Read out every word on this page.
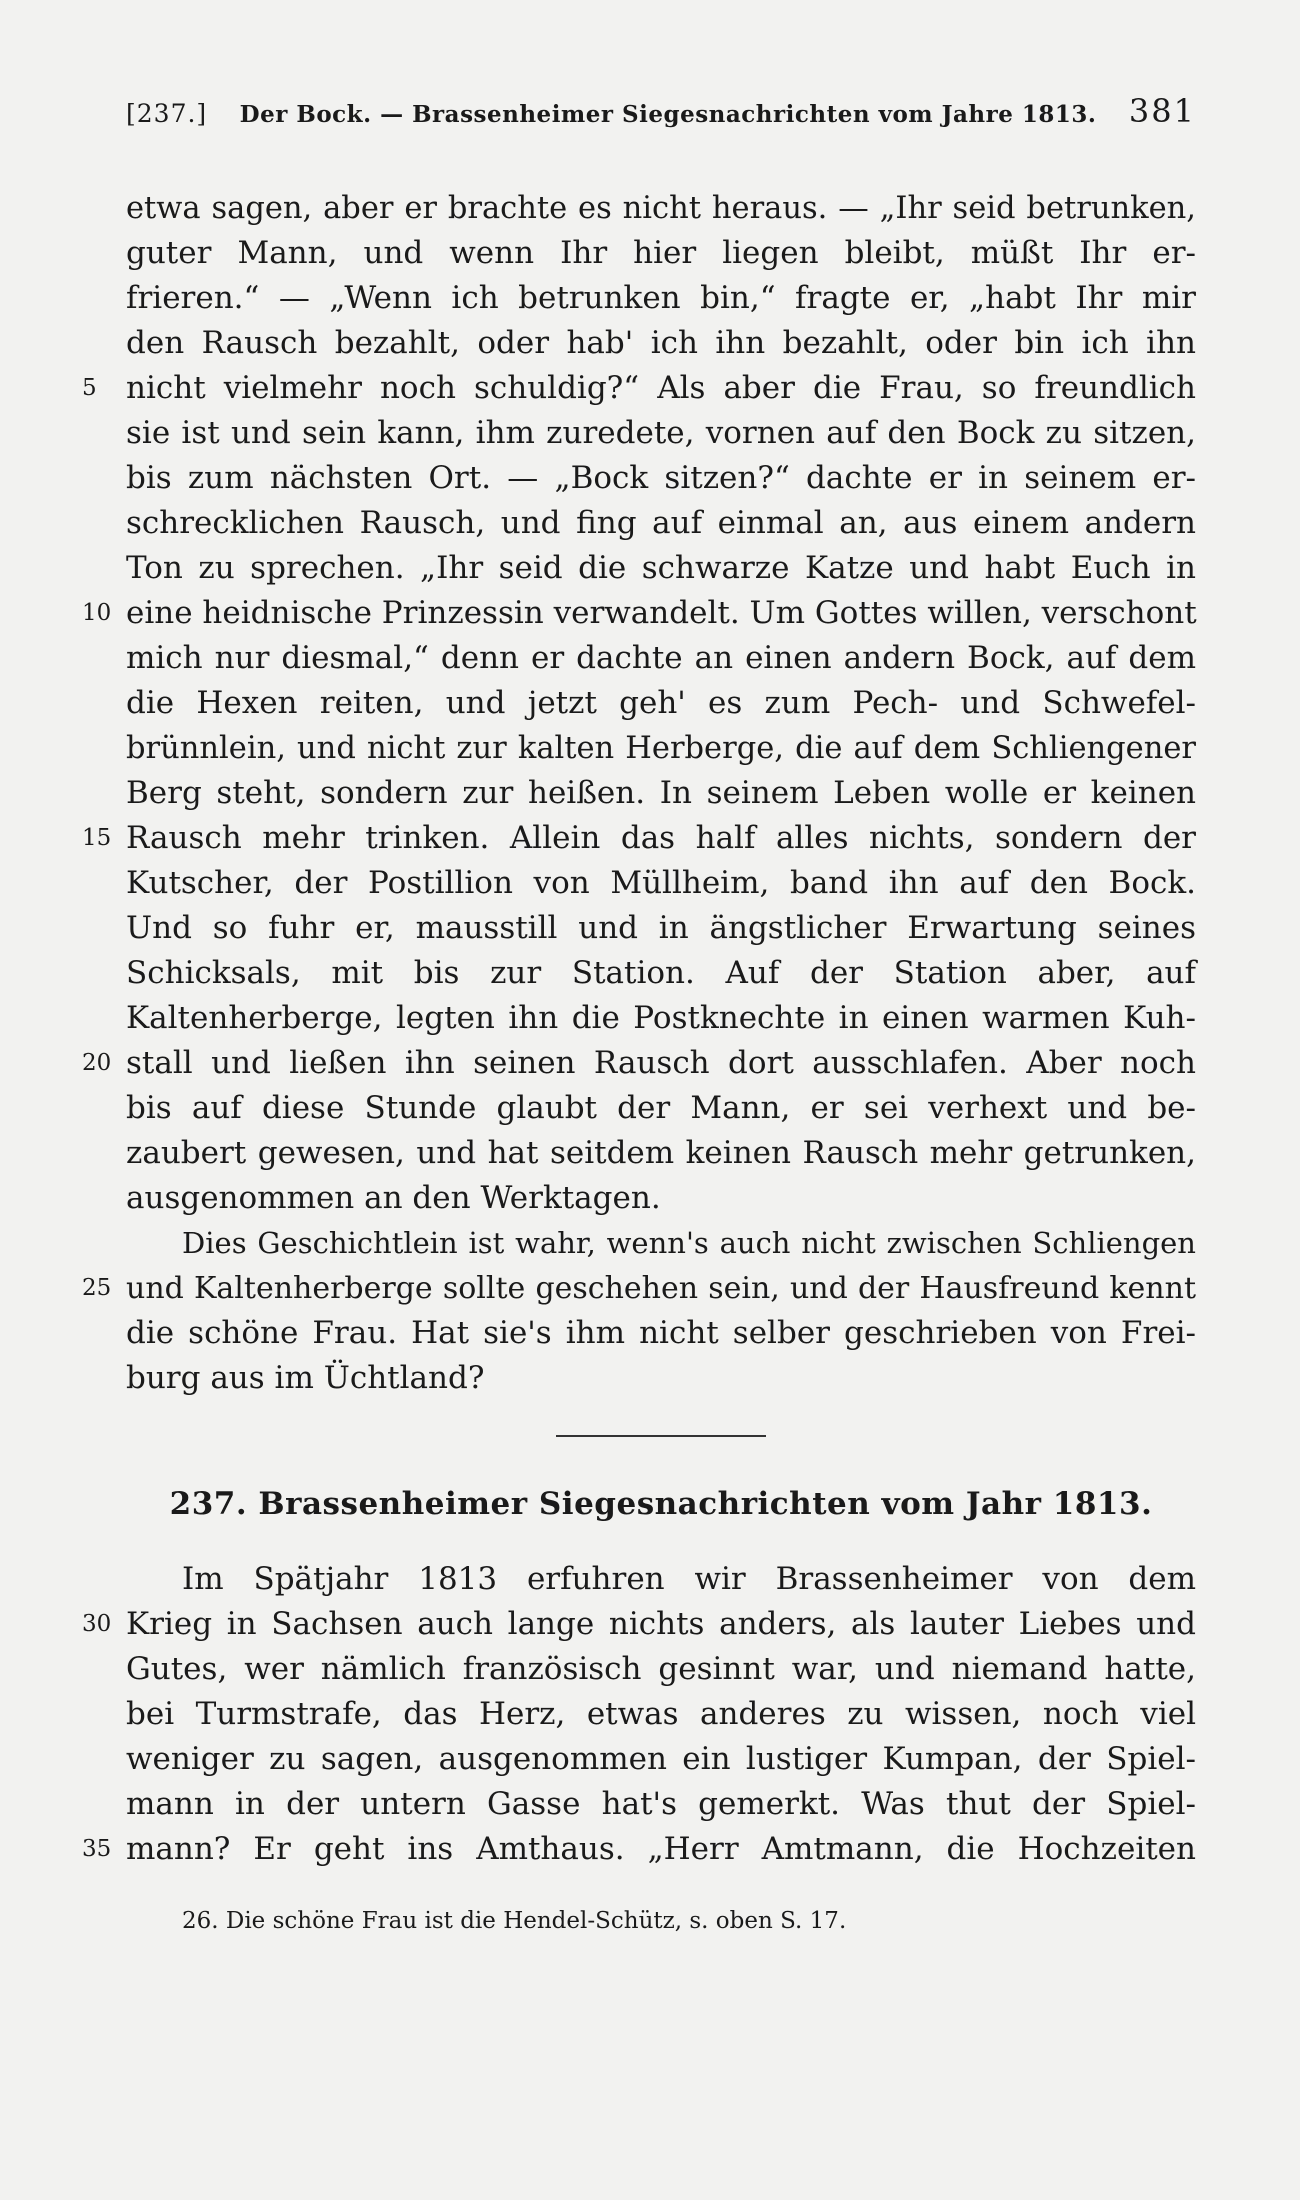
[237.] Der Bock. — Brassenheimer Siegesnachrichten vom Jahre 1813. 381
etwa sagen, aber er brachte es nicht heraus. — „Ihr seid betrunken,
guter Mann, und wenn Ihr hier liegen bleibt, müßt Ihr er-
frieren.“ — „Wenn ich betrunken bin,“ fragte er, „habt Ihr mir
den Rausch bezahlt, oder hab' ich ihn bezahlt, oder bin ich ihn
5 nicht vielmehr noch schuldig?“ Als aber die Frau, so freundlich
sie ist und sein kann, ihm zuredete, vornen auf den Bock zu sitzen,
bis zum nächsten Ort. — „Bock sitzen?“ dachte er in seinem er-
schrecklichen Rausch, und fing auf einmal an, aus einem andern
Ton zu sprechen. „Ihr seid die schwarze Katze und habt Euch in
10 eine heidnische Prinzessin verwandelt. Um Gottes willen, verschont
mich nur diesmal,“ denn er dachte an einen andern Bock, auf dem
die Hexen reiten, und jetzt geh' es zum Pech- und Schwefel-
brünnlein, und nicht zur kalten Herberge, die auf dem Schliengener
Berg steht, sondern zur heißen. In seinem Leben wolle er keinen
15 Rausch mehr trinken. Allein das half alles nichts, sondern der
Kutscher, der Postillion von Müllheim, band ihn auf den Bock.
Und so fuhr er, mausstill und in ängstlicher Erwartung seines
Schicksals, mit bis zur Station. Auf der Station aber, auf
Kaltenherberge, legten ihn die Postknechte in einen warmen Kuh-
20 stall und ließen ihn seinen Rausch dort ausschlafen. Aber noch
bis auf diese Stunde glaubt der Mann, er sei verhext und be-
zaubert gewesen, und hat seitdem keinen Rausch mehr getrunken,
ausgenommen an den Werktagen.
Dies Geschichtlein ist wahr, wenn's auch nicht zwischen Schliengen
25 und Kaltenherberge sollte geschehen sein, und der Hausfreund kennt
die schöne Frau. Hat sie's ihm nicht selber geschrieben von Frei-
burg aus im Üchtland?
237. Brassenheimer Siegesnachrichten vom Jahr 1813.
Im Spätjahr 1813 erfuhren wir Brassenheimer von dem
30 Krieg in Sachsen auch lange nichts anders, als lauter Liebes und
Gutes, wer nämlich französisch gesinnt war, und niemand hatte,
bei Turmstrafe, das Herz, etwas anderes zu wissen, noch viel
weniger zu sagen, ausgenommen ein lustiger Kumpan, der Spiel-
mann in der untern Gasse hat's gemerkt. Was thut der Spiel-
35 mann? Er geht ins Amthaus. „Herr Amtmann, die Hochzeiten
26. Die schöne Frau ist die Hendel-Schütz, s. oben S. 17.
